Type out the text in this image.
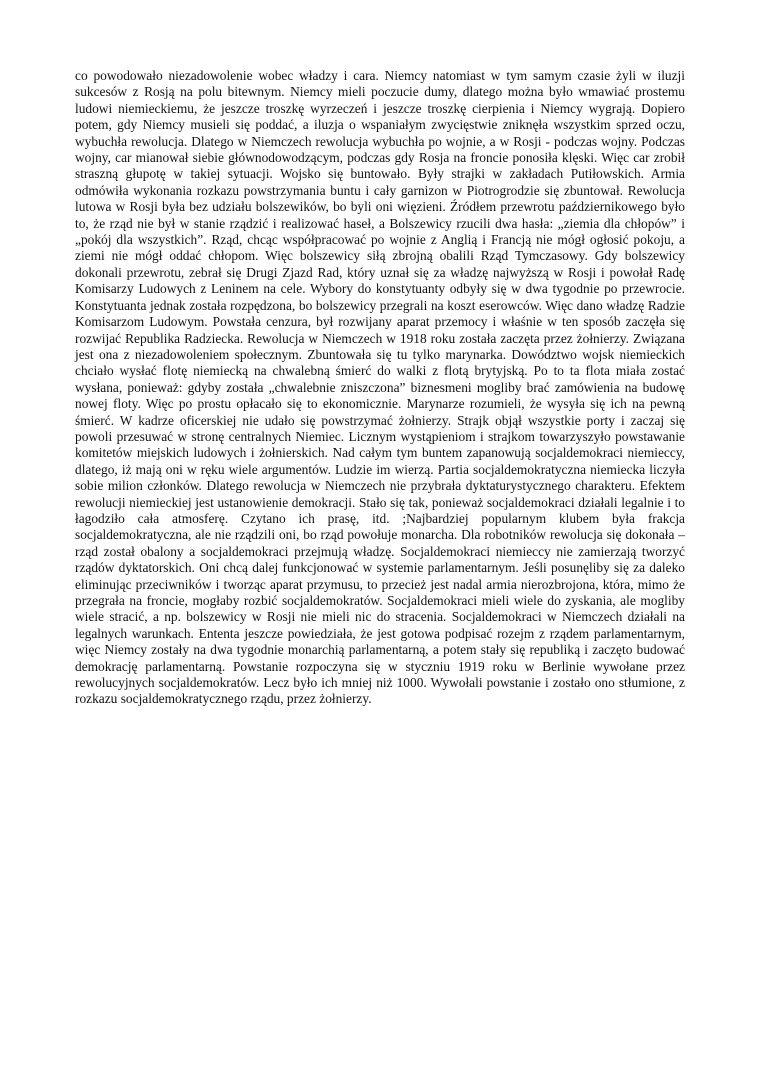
co powodowało niezadowolenie wobec władzy i cara. Niemcy natomiast w tym samym czasie żyli w iluzji sukcesów z Rosją na polu bitewnym. Niemcy mieli poczucie dumy, dlatego można było wmawiać prostemu ludowi niemieckiemu, że jeszcze troszkę wyrzeczeń i jeszcze troszkę cierpienia i Niemcy wygrają. Dopiero potem, gdy Niemcy musieli się poddać, a iluzja o wspaniałym zwycięstwie zniknęła wszystkim sprzed oczu, wybuchła rewolucja. Dlatego w Niemczech rewolucja wybuchła po wojnie, a w Rosji - podczas wojny. Podczas wojny, car mianował siebie głównodowodzącym, podczas gdy Rosja na froncie ponosiła klęski. Więc car zrobił straszną głupotę w takiej sytuacji. Wojsko się buntowało. Były strajki w zakładach Putiłowskich. Armia odmówiła wykonania rozkazu powstrzymania buntu i cały garnizon w Piotrogrodzie się zbuntował. Rewolucja lutowa w Rosji była bez udziału bolszewików, bo byli oni więzieni. Źródłem przewrotu październikowego było to, że rząd nie był w stanie rządzić i realizować haseł, a Bolszewicy rzucili dwa hasła: „ziemia dla chłopów” i „pokój dla wszystkich”. Rząd, chcąc współpracować po wojnie z Anglią i Francją nie mógł ogłosić pokoju, a ziemi nie mógł oddać chłopom. Więc bolszewicy siłą zbrojną obalili Rząd Tymczasowy. Gdy bolszewicy dokonali przewrotu, zebrał się Drugi Zjazd Rad, który uznał się za władzę najwyższą w Rosji i powołał Radę Komisarzy Ludowych z Leninem na cele. Wybory do konstytuanty odbyły się w dwa tygodnie po przewrocie. Konstytuanta jednak została rozpędzona, bo bolszewicy przegrali na koszt eserowców. Więc dano władzę Radzie Komisarzom Ludowym. Powstała cenzura, był rozwijany aparat przemocy i właśnie w ten sposób zaczęła się rozwijać Republika Radziecka. Rewolucja w Niemczech w 1918 roku została zaczęta przez żołnierzy. Związana jest ona z niezadowoleniem społecznym. Zbuntowała się tu tylko marynarka. Dowództwo wojsk niemieckich chciało wysłać flotę niemiecką na chwalebną śmierć do walki z flotą brytyjską. Po to ta flota miała zostać wysłana, ponieważ: gdyby została „chwalebnie zniszczona” biznesmeni mogliby brać zamówienia na budowę nowej floty. Więc po prostu opłacało się to ekonomicznie. Marynarze rozumieli, że wysyła się ich na pewną śmierć. W kadrze oficerskiej nie udało się powstrzymać żołnierzy. Strajk objął wszystkie porty i zaczaj się powoli przesuwać w stronę centralnych Niemiec. Licznym wystąpieniom i strajkom towarzyszyło powstawanie komitetów miejskich ludowych i żołnierskich. Nad całym tym buntem zapanowują socjaldemokraci niemieccy, dlatego, iż mają oni w ręku wiele argumentów. Ludzie im wierzą. Partia socjaldemokratyczna niemiecka liczyła sobie milion członków. Dlatego rewolucja w Niemczech nie przybrała dyktaturystycznego charakteru. Efektem rewolucji niemieckiej jest ustanowienie demokracji. Stało się tak, ponieważ socjaldemokraci działali legalnie i to łagodziło cała atmosferę. Czytano ich prasę, itd. ;Najbardziej popularnym klubem była frakcja socjaldemokratyczna, ale nie rządzili oni, bo rząd powołuje monarcha. Dla robotników rewolucja się dokonała – rząd został obalony a socjaldemokraci przejmują władzę. Socjaldemokraci niemieccy nie zamierzają tworzyć rządów dyktatorskich. Oni chcą dalej funkcjonować w systemie parlamentarnym. Jeśli posunęliby się za daleko eliminując przeciwników i tworząc aparat przymusu, to przecież jest nadal armia nierozbrojona, która, mimo że przegrała na froncie, mogłaby rozbić socjaldemokratów. Socjaldemokraci mieli wiele do zyskania, ale mogliby wiele stracić, a np. bolszewicy w Rosji nie mieli nic do stracenia. Socjaldemokraci w Niemczech działali na legalnych warunkach. Ententa jeszcze powiedziała, że jest gotowa podpisać rozejm z rządem parlamentarnym, więc Niemcy zostały na dwa tygodnie monarchią parlamentarną, a potem stały się republiką i zaczęto budować demokrację parlamentarną. Powstanie rozpoczyna się w styczniu 1919 roku w Berlinie wywołane przez rewolucyjnych socjaldemokratów. Lecz było ich mniej niż 1000. Wywołali powstanie i zostało ono stłumione, z rozkazu socjaldemokratycznego rządu, przez żołnierzy.
